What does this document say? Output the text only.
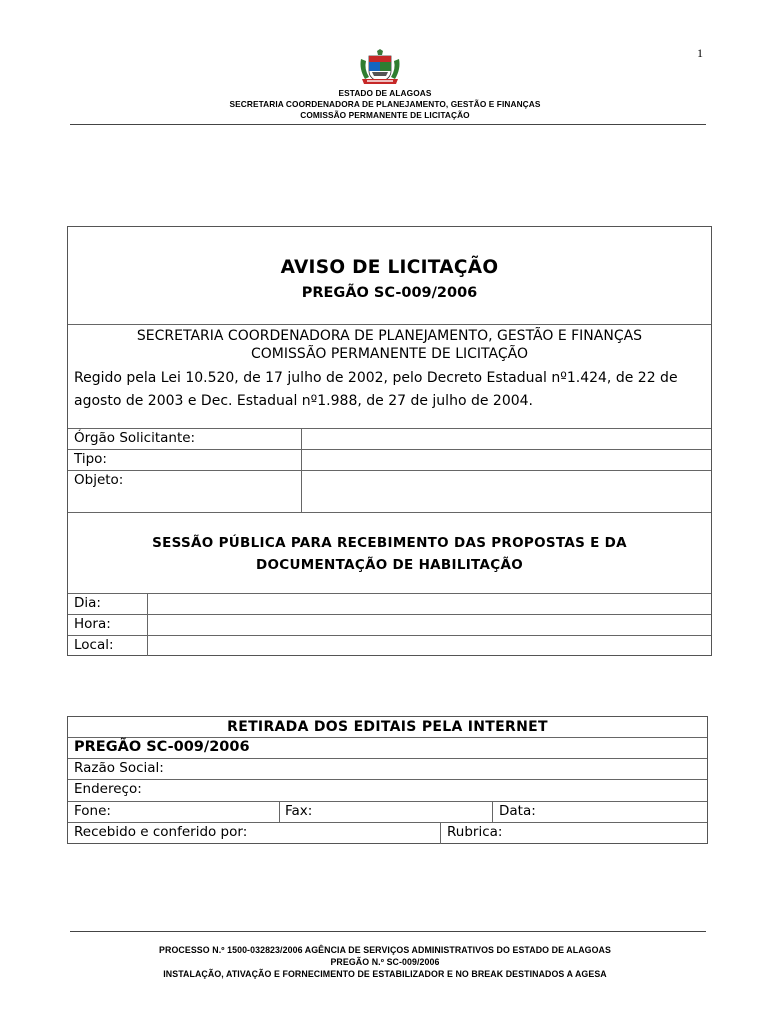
1
ESTADO DE ALAGOAS
SECRETARIA COORDENADORA DE PLANEJAMENTO, GESTÃO E FINANÇAS
COMISSÃO PERMANENTE DE LICITAÇÃO
AVISO DE LICITAÇÃO
PREGÃO SC-009/2006
SECRETARIA COORDENADORA DE PLANEJAMENTO, GESTÃO E FINANÇAS
COMISSÃO PERMANENTE DE LICITAÇÃO
Regido pela Lei 10.520, de 17 julho de 2002, pelo Decreto Estadual nº1.424, de 22 de
agosto de 2003 e Dec. Estadual nº1.988, de 27 de julho de 2004.
Órgão Solicitante:
Tipo:
Objeto:
SESSÃO PÚBLICA PARA RECEBIMENTO DAS PROPOSTAS E DA
DOCUMENTAÇÃO DE HABILITAÇÃO
Dia:
Hora:
Local:
RETIRADA DOS EDITAIS PELA INTERNET
PREGÃO SC-009/2006
Razão Social:
Endereço:
Fone:	Fax:	Data:
Recebido e conferido por:	Rubrica:
PROCESSO N.º 1500-032823/2006 AGÊNCIA DE SERVIÇOS ADMINISTRATIVOS DO ESTADO DE ALAGOAS
PREGÃO N.º SC-009/2006
INSTALAÇÃO, ATIVAÇÃO E FORNECIMENTO DE ESTABILIZADOR E NO BREAK DESTINADOS A AGESA
